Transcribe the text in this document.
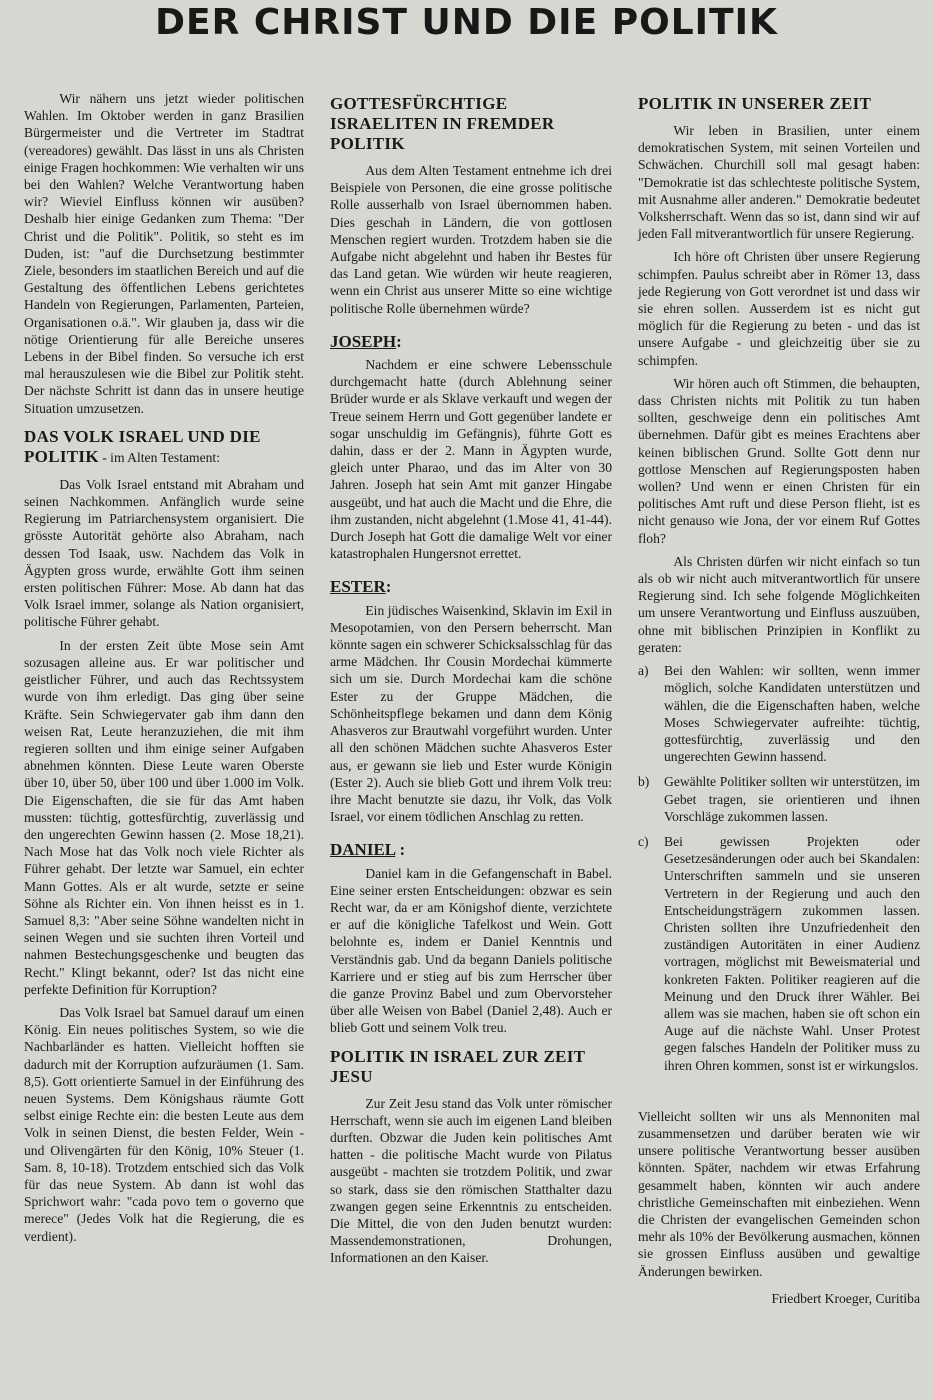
DER CHRIST UND DIE POLITIK

Wir nähern uns jetzt wieder politischen Wahlen. Im Oktober werden in ganz Brasilien Bürgermeister und die Vertreter im Stadtrat (vereadores) gewählt. Das lässt in uns als Christen einige Fragen hochkommen: Wie verhalten wir uns bei den Wahlen? Welche Verantwortung haben wir? Wieviel Einfluss können wir ausüben? Deshalb hier einige Gedanken zum Thema: "Der Christ und die Politik". Politik, so steht es im Duden, ist: "auf die Durchsetzung bestimmter Ziele, besonders im staatlichen Bereich und auf die Gestaltung des öffentlichen Lebens gerichtetes Handeln von Regierungen, Parlamenten, Parteien, Organisationen o.ä.". Wir glauben ja, dass wir die nötige Orientierung für alle Bereiche unseres Lebens in der Bibel finden. So versuche ich erst mal herauszulesen wie die Bibel zur Politik steht. Der nächste Schritt ist dann das in unsere heutige Situation umzusetzen.

DAS VOLK ISRAEL UND DIE POLITIK - im Alten Testament:

Das Volk Israel entstand mit Abraham und seinen Nachkommen. Anfänglich wurde seine Regierung im Patriarchensystem organisiert. Die grösste Autorität gehörte also Abraham, nach dessen Tod Isaak, usw. Nachdem das Volk in Ägypten gross wurde, erwählte Gott ihm seinen ersten politischen Führer: Mose. Ab dann hat das Volk Israel immer, solange als Nation organisiert, politische Führer gehabt.

In der ersten Zeit übte Mose sein Amt sozusagen alleine aus. Er war politischer und geistlicher Führer, und auch das Rechtssystem wurde von ihm erledigt. Das ging über seine Kräfte. Sein Schwiegervater gab ihm dann den weisen Rat, Leute heranzuziehen, die mit ihm regieren sollten und ihm einige seiner Aufgaben abnehmen könnten. Diese Leute waren Oberste über 10, über 50, über 100 und über 1.000 im Volk. Die Eigenschaften, die sie für das Amt haben mussten: tüchtig, gottesfürchtig, zuverlässig und den ungerechten Gewinn hassen (2. Mose 18,21). Nach Mose hat das Volk noch viele Richter als Führer gehabt. Der letzte war Samuel, ein echter Mann Gottes. Als er alt wurde, setzte er seine Söhne als Richter ein. Von ihnen heisst es in 1. Samuel 8,3: "Aber seine Söhne wandelten nicht in seinen Wegen und sie suchten ihren Vorteil und nahmen Bestechungsgeschenke und beugten das Recht." Klingt bekannt, oder? Ist das nicht eine perfekte Definition für Korruption?

Das Volk Israel bat Samuel darauf um einen König. Ein neues politisches System, so wie die Nachbarländer es hatten. Vielleicht hofften sie dadurch mit der Korruption aufzuräumen (1. Sam. 8,5). Gott orientierte Samuel in der Einführung des neuen Systems. Dem Königshaus räumte Gott selbst einige Rechte ein: die besten Leute aus dem Volk in seinen Dienst, die besten Felder, Wein - und Olivengärten für den König, 10% Steuer (1. Sam. 8, 10-18). Trotzdem entschied sich das Volk für das neue System. Ab dann ist wohl das Sprichwort wahr: "cada povo tem o governo que merece" (Jedes Volk hat die Regierung, die es verdient).

GOTTESFÜRCHTIGE ISRAELITEN IN FREMDER POLITIK

Aus dem Alten Testament entnehme ich drei Beispiele von Personen, die eine grosse politische Rolle ausserhalb von Israel übernommen haben. Dies geschah in Ländern, die von gottlosen Menschen regiert wurden. Trotzdem haben sie die Aufgabe nicht abgelehnt und haben ihr Bestes für das Land getan. Wie würden wir heute reagieren, wenn ein Christ aus unserer Mitte so eine wichtige politische Rolle übernehmen würde?

JOSEPH:

Nachdem er eine schwere Lebensschule durchgemacht hatte (durch Ablehnung seiner Brüder wurde er als Sklave verkauft und wegen der Treue seinem Herrn und Gott gegenüber landete er sogar unschuldig im Gefängnis), führte Gott es dahin, dass er der 2. Mann in Ägypten wurde, gleich unter Pharao, und das im Alter von 30 Jahren. Joseph hat sein Amt mit ganzer Hingabe ausgeübt, und hat auch die Macht und die Ehre, die ihm zustanden, nicht abgelehnt (1.Mose 41, 41-44). Durch Joseph hat Gott die damalige Welt vor einer katastrophalen Hungersnot errettet.

ESTER:

Ein jüdisches Waisenkind, Sklavin im Exil in Mesopotamien, von den Persern beherrscht. Man könnte sagen ein schwerer Schicksalsschlag für das arme Mädchen. Ihr Cousin Mordechai kümmerte sich um sie. Durch Mordechai kam die schöne Ester zu der Gruppe Mädchen, die Schönheitspflege bekamen und dann dem König Ahasveros zur Brautwahl vorgeführt wurden. Unter all den schönen Mädchen suchte Ahasveros Ester aus, er gewann sie lieb und Ester wurde Königin (Ester 2). Auch sie blieb Gott und ihrem Volk treu: ihre Macht benutzte sie dazu, ihr Volk, das Volk Israel, vor einem tödlichen Anschlag zu retten.

DANIEL :

Daniel kam in die Gefangenschaft in Babel. Eine seiner ersten Entscheidungen: obzwar es sein Recht war, da er am Königshof diente, verzichtete er auf die königliche Tafelkost und Wein. Gott belohnte es, indem er Daniel Kenntnis und Verständnis gab. Und da begann Daniels politische Karriere und er stieg auf bis zum Herrscher über die ganze Provinz Babel und zum Obervorsteher über alle Weisen von Babel (Daniel 2,48). Auch er blieb Gott und seinem Volk treu.

POLITIK IN ISRAEL ZUR ZEIT JESU

Zur Zeit Jesu stand das Volk unter römischer Herrschaft, wenn sie auch im eigenen Land bleiben durften. Obzwar die Juden kein politisches Amt hatten - die politische Macht wurde von Pilatus ausgeübt - machten sie trotzdem Politik, und zwar so stark, dass sie den römischen Statthalter dazu zwangen gegen seine Erkenntnis zu entscheiden. Die Mittel, die von den Juden benutzt wurden: Massendemonstrationen, Drohungen, Informationen an den Kaiser.

POLITIK IN UNSERER ZEIT

Wir leben in Brasilien, unter einem demokratischen System, mit seinen Vorteilen und Schwächen. Churchill soll mal gesagt haben: "Demokratie ist das schlechteste politische System, mit Ausnahme aller anderen." Demokratie bedeutet Volksherrschaft. Wenn das so ist, dann sind wir auf jeden Fall mitverantwortlich für unsere Regierung.

Ich höre oft Christen über unsere Regierung schimpfen. Paulus schreibt aber in Römer 13, dass jede Regierung von Gott verordnet ist und dass wir sie ehren sollen. Ausserdem ist es nicht gut möglich für die Regierung zu beten - und das ist unsere Aufgabe - und gleichzeitig über sie zu schimpfen.

Wir hören auch oft Stimmen, die behaupten, dass Christen nichts mit Politik zu tun haben sollten, geschweige denn ein politisches Amt übernehmen. Dafür gibt es meines Erachtens aber keinen biblischen Grund. Sollte Gott denn nur gottlose Menschen auf Regierungsposten haben wollen? Und wenn er einen Christen für ein politisches Amt ruft und diese Person flieht, ist es nicht genauso wie Jona, der vor einem Ruf Gottes floh?

Als Christen dürfen wir nicht einfach so tun als ob wir nicht auch mitverantwortlich für unsere Regierung sind. Ich sehe folgende Möglichkeiten um unsere Verantwortung und Einfluss auszuüben, ohne mit biblischen Prinzipien in Konflikt zu geraten:

a)	Bei den Wahlen: wir sollten, wenn immer möglich, solche Kandidaten unterstützen und wählen, die die Eigenschaften haben, welche Moses Schwiegervater aufreihte: tüchtig, gottesfürchtig, zuverlässig und den ungerechten Gewinn hassend.
b)	Gewählte Politiker sollten wir unterstützen, im Gebet tragen, sie orientieren und ihnen Vorschläge zukommen lassen.
c)	Bei gewissen Projekten oder Gesetzesänderungen oder auch bei Skandalen: Unterschriften sammeln und sie unseren Vertretern in der Regierung und auch den Entscheidungsträgern zukommen lassen. Christen sollten ihre Unzufriedenheit den zuständigen Autoritäten in einer Audienz vortragen, möglichst mit Beweismaterial und konkreten Fakten. Politiker reagieren auf die Meinung und den Druck ihrer Wähler. Bei allem was sie machen, haben sie oft schon ein Auge auf die nächste Wahl. Unser Protest gegen falsches Handeln der Politiker muss zu ihren Ohren kommen, sonst ist er wirkungslos.

Vielleicht sollten wir uns als Mennoniten mal zusammensetzen und darüber beraten wie wir unsere politische Verantwortung besser ausüben könnten. Später, nachdem wir etwas Erfahrung gesammelt haben, könnten wir auch andere christliche Gemeinschaften mit einbeziehen. Wenn die Christen der evangelischen Gemeinden schon mehr als 10% der Bevölkerung ausmachen, können sie grossen Einfluss ausüben und gewaltige Änderungen bewirken.

Friedbert Kroeger, Curitiba
